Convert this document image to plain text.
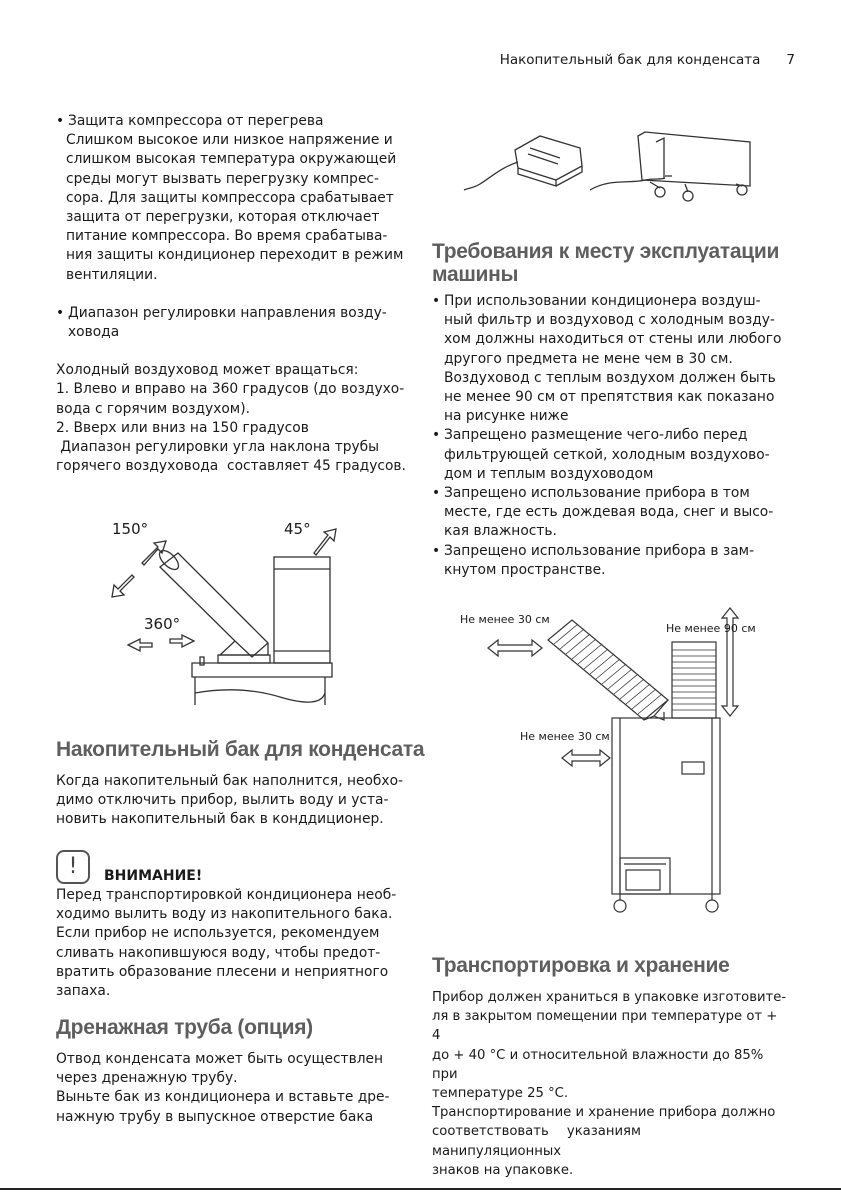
Накопительный бак для конденсата 7

• Защита компрессора от перегрева

Слишком высокое или низкое напряжение и

слишком высокая температура окружающей

среды могут вызвать перегрузку компрес-

сора. Для защиты компрессора срабатывает

защита от перегрузки, которая отключает

питание компрессора. Во время срабатыва-

ния защиты кондиционер переходит в режим

вентиляции.

• Диапазон регулировки направления возду-

ховода

Холодный воздуховод может вращаться:

1. Влево и вправо на 360 градусов (до воздухо-

вода с горячим воздухом).

2. Вверх или вниз на 150 градусов

Диапазон регулировки угла наклона трубы

горячего воздуховода  составляет 45 градусов.

150°	45°
360°
Накопительный бак для конденсата

Когда накопительный бак наполнится, необхо-

димо отключить прибор, вылить воду и уста-

новить накопительный бак в конддиционер.

!	ВНИМАНИЕ!

Перед транспортировкой кондиционера необ-

ходимо вылить воду из накопительного бака.

Если прибор не используется, рекомендуем

сливать накопившуюся воду, чтобы предот-

вратить образование плесени и неприятного

запаха.

Дренажная труба (опция)

Отвод конденсата может быть осуществлен

через дренажную трубу.

Выньте бак из кондиционера и вставьте дре-

нажную трубу в выпускное отверстие бака

Требования к месту эксплуатации
машины

• При использовании кондиционера воздуш-

ный фильтр и воздуховод с холодным возду-

хом должны находиться от стены или любого

другого предмета не мене чем в 30 см.

Воздуховод с теплым воздухом должен быть

не менее 90 см от препятствия как показано

на рисунке ниже

• Запрещено размещение чего-либо перед

фильтрующей сеткой, холодным воздухово-

дом и теплым воздуховодом

• Запрещено использование прибора в том

месте, где есть дождевая вода, снег и высо-

кая влажность.

• Запрещено использование прибора в зам-

кнутом пространстве.

Не менее 30 см
Не менее 90 см
Не менее 30 см
Транспортировка и хранение

Прибор должен храниться в упаковке изготовите-

ля в закрытом помещении при температуре от + 4

до + 40 °С и относительной влажности до 85% при

температуре 25 °С.

Транспортирование и хранение прибора должно

соответствовать указаниям манипуляционных

знаков на упаковке.
